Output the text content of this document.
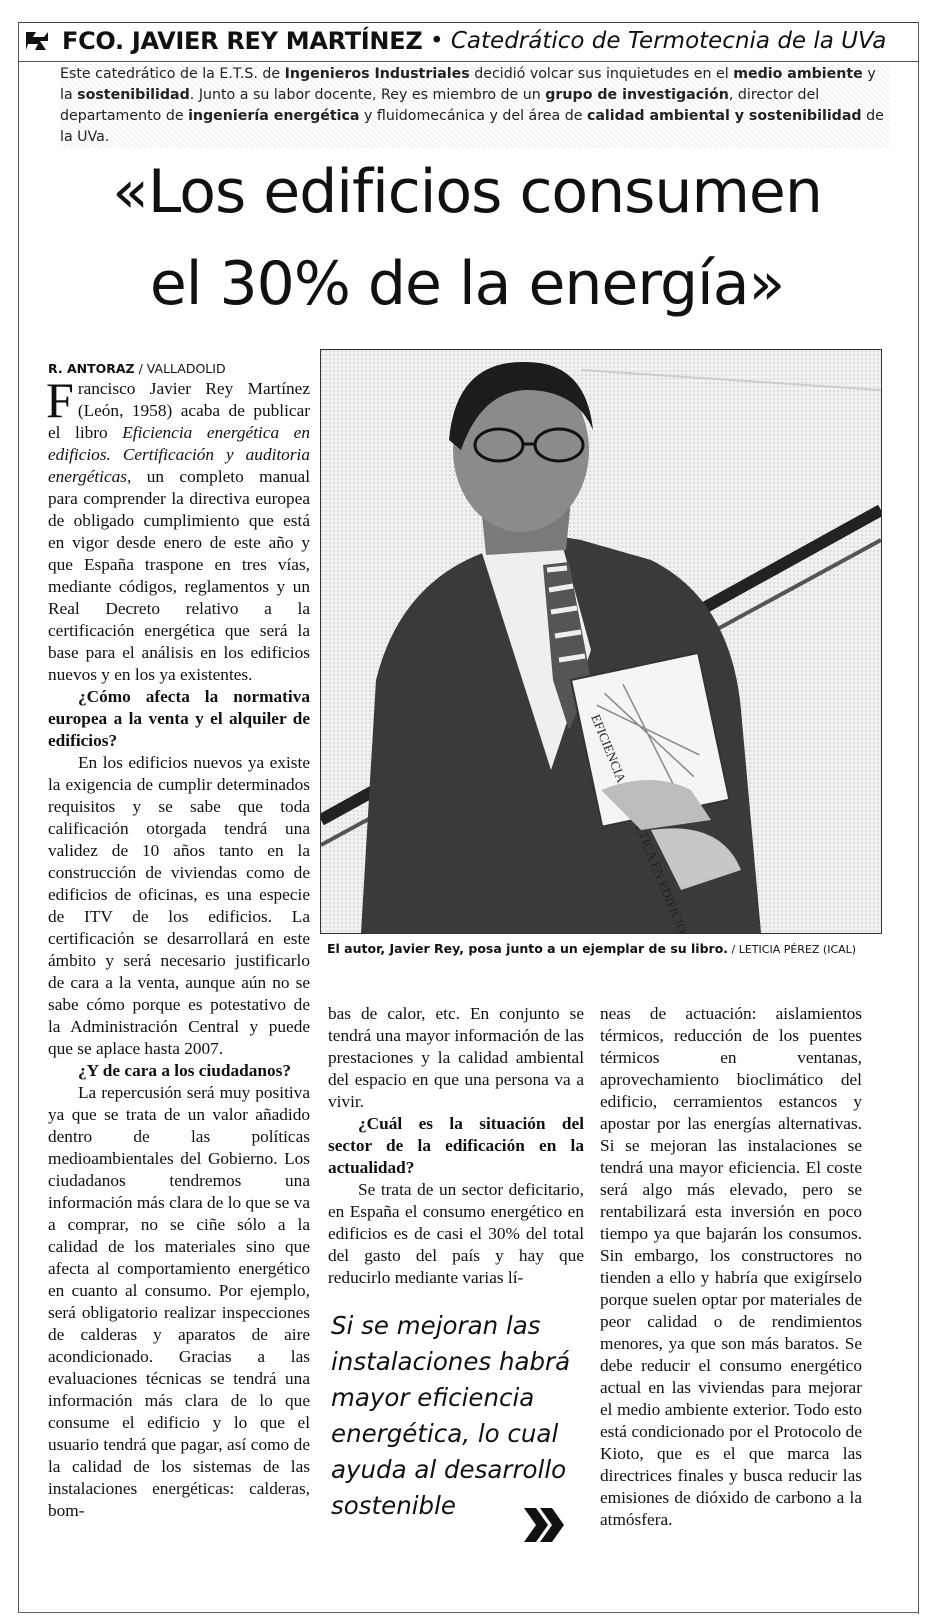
FCO. JAVIER REY MARTÍNEZ • Catedrático de Termotecnia de la UVa
Este catedrático de la E.T.S. de Ingenieros Industriales decidió volcar sus inquietudes en el medio ambiente y la sostenibilidad. Junto a su labor docente, Rey es miembro de un grupo de investigación, director del departamento de ingeniería energética y fluidomecánica y del área de calidad ambiental y sostenibilidad de la UVa.
«Los edificios consumen
el 30% de la energía»
R. ANTORAZ / VALLADOLID

Francisco Javier Rey Martínez (León, 1958) acaba de publicar el libro Eficiencia energética en edificios. Certificación y auditoria energéticas, un completo manual para comprender la directiva europea de obligado cumplimiento que está en vigor desde enero de este año y que España traspone en tres vías, mediante códigos, reglamentos y un Real Decreto relativo a la certificación energética que será la base para el análisis en los edificios nuevos y en los ya existentes.

¿Cómo afecta la normativa europea a la venta y el alquiler de edificios?

En los edificios nuevos ya existe la exigencia de cumplir determinados requisitos y se sabe que toda calificación otorgada tendrá una validez de 10 años tanto en la construcción de viviendas como de edificios de oficinas, es una especie de ITV de los edificios. La certificación se desarrollará en este ámbito y será necesario justificarlo de cara a la venta, aunque aún no se sabe cómo porque es potestativo de la Administración Central y puede que se aplace hasta 2007.

¿Y de cara a los ciudadanos?

La repercusión será muy positiva ya que se trata de un valor añadido dentro de las políticas medioambientales del Gobierno. Los ciudadanos tendremos una información más clara de lo que se va a comprar, no se ciñe sólo a la calidad de los materiales sino que afecta al comportamiento energético en cuanto al consumo. Por ejemplo, será obligatorio realizar inspecciones de calderas y aparatos de aire acondicionado. Gracias a las evaluaciones técnicas se tendrá una información más clara de lo que consume el edificio y lo que el usuario tendrá que pagar, así como de la calidad de los sistemas de las instalaciones energéticas: calderas, bom-

EFICIENCIA EN EDIFICIOS
El autor, Javier Rey, posa junto a un ejemplar de su libro. / LETICIA PÉREZ (ICAL)

bas de calor, etc. En conjunto se tendrá una mayor información de las prestaciones y la calidad ambiental del espacio en que una persona va a vivir.

¿Cuál es la situación del sector de la edificación en la actualidad?

Se trata de un sector deficitario, en España el consumo energético en edificios es de casi el 30% del total del gasto del país y hay que reducirlo mediante varias lí-

Si se mejoran las instalaciones habrá mayor eficiencia energética, lo cual ayuda al desarrollo sostenible

neas de actuación: aislamientos térmicos, reducción de los puentes térmicos en ventanas, aprovechamiento bioclimático del edificio, cerramientos estancos y apostar por las energías alternativas. Si se mejoran las instalaciones se tendrá una mayor eficiencia. El coste será algo más elevado, pero se rentabilizará esta inversión en poco tiempo ya que bajarán los consumos. Sin embargo, los constructores no tienden a ello y habría que exigírselo porque suelen optar por materiales de peor calidad o de rendimientos menores, ya que son más baratos. Se debe reducir el consumo energético actual en las viviendas para mejorar el medio ambiente exterior. Todo esto está condicionado por el Protocolo de Kioto, que es el que marca las directrices finales y busca reducir las emisiones de dióxido de carbono a la atmósfera.
